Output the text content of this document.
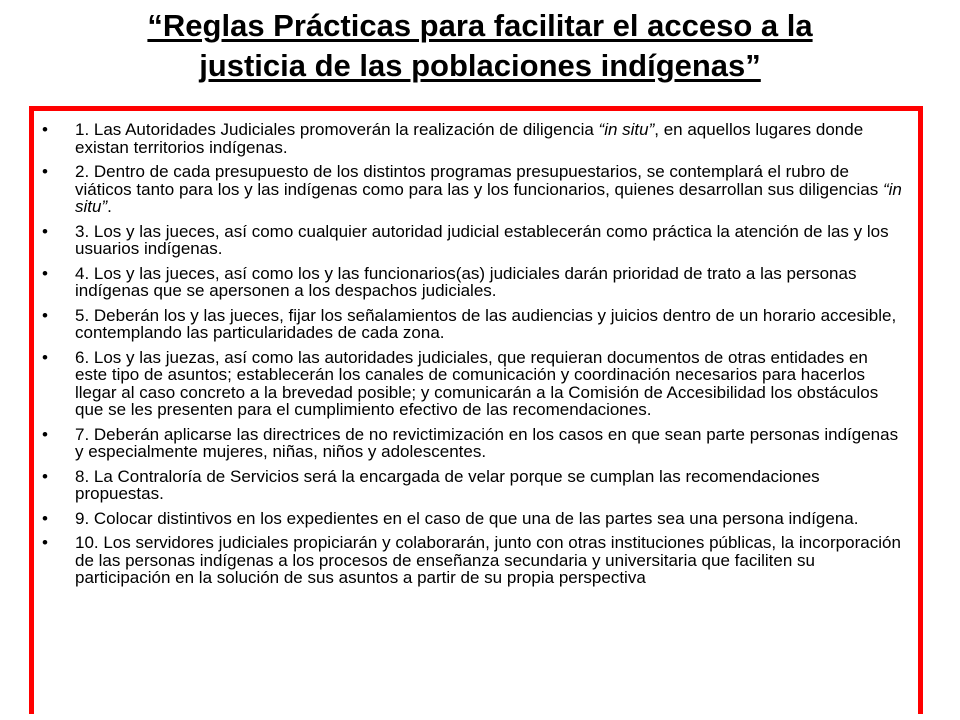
“Reglas Prácticas para facilitar el acceso a la
justicia de las poblaciones indígenas”
• 1. Las Autoridades Judiciales promoverán la realización de diligencia “in situ”, en aquellos lugares donde existan territorios indígenas.
• 2. Dentro de cada presupuesto de los distintos programas presupuestarios, se contemplará el rubro de viáticos tanto para los y las indígenas como para las y los funcionarios, quienes desarrollan sus diligencias “in situ”.
• 3. Los y las jueces, así como cualquier autoridad judicial establecerán como práctica la atención de las y los usuarios indígenas.
• 4. Los y las jueces, así como los y las funcionarios(as) judiciales darán prioridad de trato a las personas indígenas que se apersonen a los despachos judiciales.
• 5. Deberán los y las jueces, fijar los señalamientos de las audiencias y juicios dentro de un horario accesible, contemplando las particularidades de cada zona.
• 6. Los y las juezas, así como las autoridades judiciales, que requieran documentos de otras entidades en este tipo de asuntos; establecerán los canales de comunicación y coordinación necesarios para hacerlos llegar al caso concreto a la brevedad posible; y comunicarán a la Comisión de Accesibilidad los obstáculos que se les presenten para el cumplimiento efectivo de las recomendaciones.
• 7. Deberán aplicarse las directrices de no revictimización en los casos en que sean parte personas indígenas y especialmente mujeres, niñas, niños y adolescentes.
• 8. La Contraloría de Servicios será la encargada de velar porque se cumplan las recomendaciones propuestas.
• 9. Colocar distintivos en los expedientes en el caso de que una de las partes sea una persona indígena.
• 10. Los servidores judiciales propiciarán y colaborarán, junto con otras instituciones públicas, la incorporación de las personas indígenas a los procesos de enseñanza secundaria y universitaria que faciliten su participación en la solución de sus asuntos a partir de su propia perspectiva
